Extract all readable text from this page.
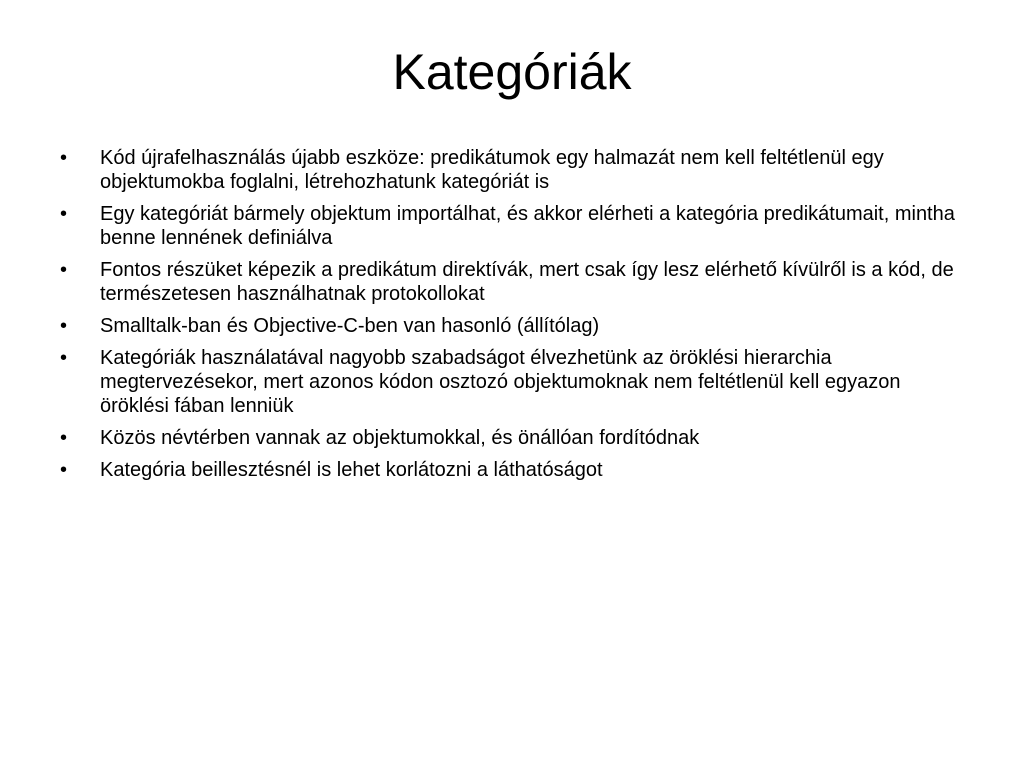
Kategóriák
•	Kód újrafelhasználás újabb eszköze: predikátumok egy halmazát nem kell feltétlenül egy objektumokba foglalni, létrehozhatunk kategóriát is
•	Egy kategóriát bármely objektum importálhat, és akkor elérheti a kategória predikátumait, mintha benne lennének definiálva
•	Fontos részüket képezik a predikátum direktívák, mert csak így lesz elérhető kívülről is a kód, de természetesen használhatnak protokollokat
•	Smalltalk-ban és Objective-C-ben van hasonló (állítólag)
•	Kategóriák használatával nagyobb szabadságot élvezhetünk az öröklési hierarchia megtervezésekor, mert azonos kódon osztozó objektumoknak nem feltétlenül kell egyazon öröklési fában lenniük
•	Közös névtérben vannak az objektumokkal, és önállóan fordítódnak
•	Kategória beillesztésnél is lehet korlátozni a láthatóságot
